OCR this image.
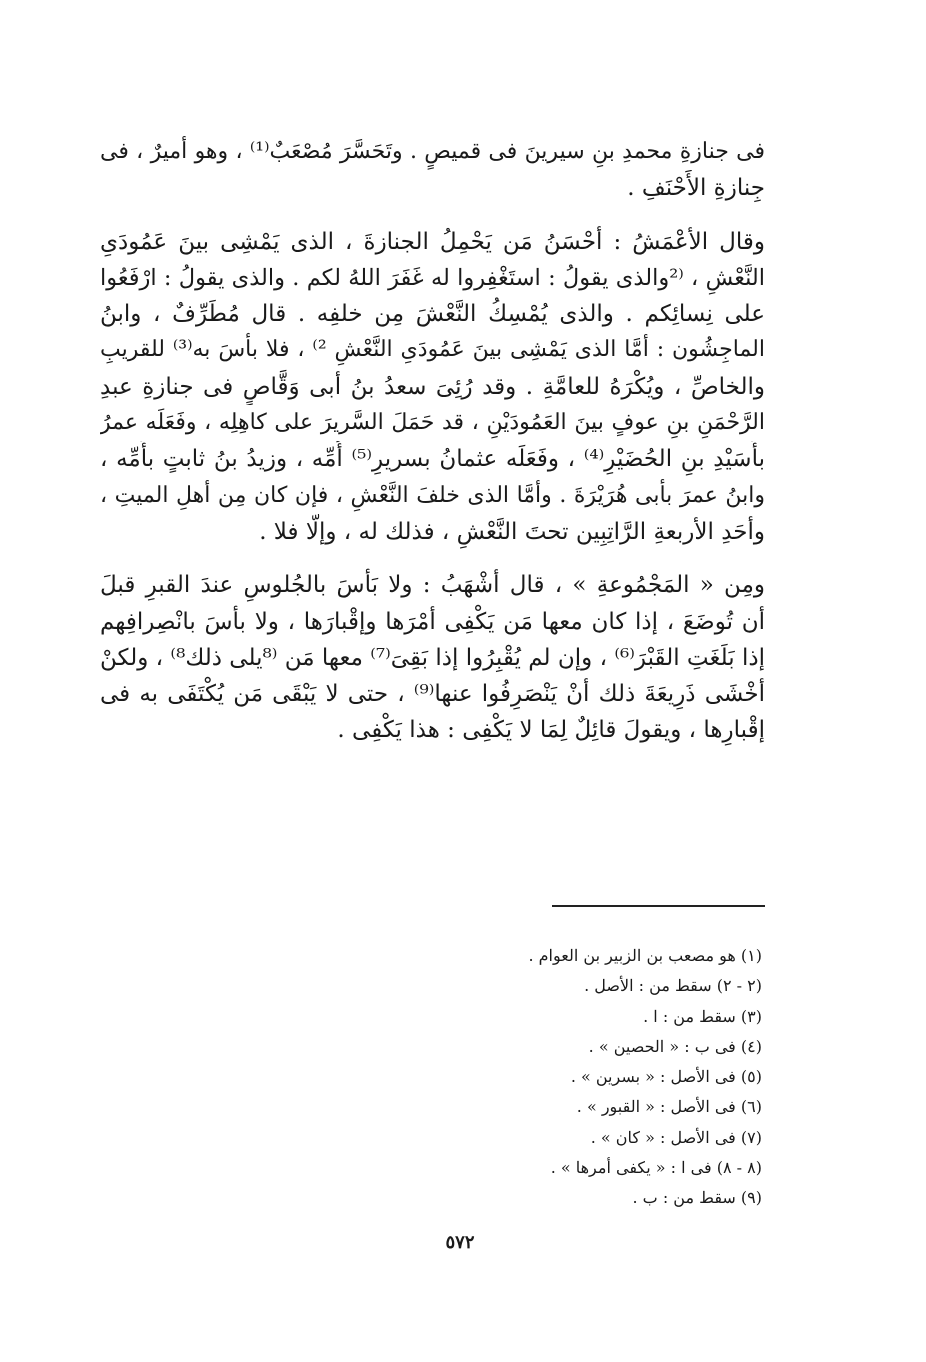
فى جنازةِ محمدِ بنِ سيرينَ فى قميصٍ . وتَحَسَّرَ مُصْعَبٌ⁽¹⁾ ، وهو أميرٌ ، فى
جِنازةِ الأَحْنَفِ .
وقال الأعْمَشُ : أحْسَنُ مَن يَحْمِلُ الجنازةَ ، الذى يَمْشِى بينَ عَمُودَىِ
النَّعْشِ ، ⁽²والذى يقولُ : استَغْفِروا له غَفَرَ اللهُ لكم . والذى يقولُ : ارْفَعُوا
على نِسائِكم . والذى يُمْسِكُ النَّعْشَ مِن خلفِه . قال مُطَرِّفٌ ، وابنُ
الماجِشُون : أمَّا الذى يَمْشِى بينَ عَمُودَىِ النَّعْشِ ²⁾ ، فلا بأْسَ به⁽³⁾ للقريبِ
والخاصِّ ، ويُكْرَهُ للعامَّةِ . وقد رُئِىَ سعدُ بنُ أبى وَقَّاصٍ فى جنازةِ عبدِ
الرَّحْمَنِ بنِ عوفٍ بينَ العَمُودَيْنِ ، قد حَمَلَ السَّريرَ على كاهِلِه ، وفَعَلَه عمرُ
بأُسَيْدِ بنِ الحُضَيْرِ⁽⁴⁾ ، وفَعَلَه عثمانُ بسريرِ⁽⁵⁾ أُمِّه ، وزيدُ بنُ ثابتٍ بأُمِّه ،
وابنُ عمرَ بأبى هُرَيْرَةَ . وأمَّا الذى خلفَ النَّعْشِ ، فإن كان مِن أهلِ الميتِ ،
وأحَدِ الأربعةِ الرَّاتِبِين تحتَ النَّعْشِ ، فذلك له ، وإلَّا فلا .
ومِن « المَجْمُوعةِ » ، قال أشْهَبُ : ولا بَأْسَ بالجُلوسِ عندَ القبرِ قبلَ
أن تُوضَعَ ، إذا كان معها مَن يَكْفِى أمْرَها وإقْبارَها ، ولا بأْسَ بانْصِرافِهم
إذا بَلَغَتِ القَبْرَ⁽⁶⁾ ، وإن لم يُقْبِرُوا إذا بَقِىَ⁽⁷⁾ معها مَن ⁽⁸يلى ذلك⁸⁾ ، ولكنْ
أخْشَى ذَرِيعَةَ ذلك أنْ يَنْصَرِفُوا عنها⁽⁹⁾ ، حتى لا يَبْقَى مَن يُكْتَفَى به فى
إقْبارِها ، ويقولَ قائِلٌ لِمَا لا يَكْفِى : هذا يَكْفِى .
(١) هو مصعب بن الزبير بن العوام .
(٢ - ٢) سقط من : الأصل .
(٣) سقط من : ا .
(٤) فى ب : « الحصين » .
(٥) فى الأصل : « بسرين » .
(٦) فى الأصل : « القبور » .
(٧) فى الأصل : « كان » .
(٨ - ٨) فى ا : « يكفى أمرها » .
(٩) سقط من : ب .
٥٧٢
